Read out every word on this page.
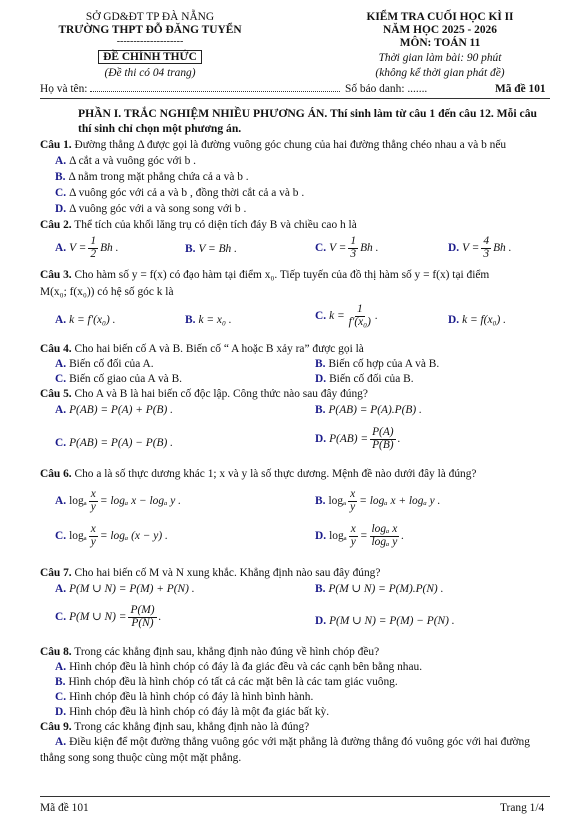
SỞ GD&ĐT TP ĐÀ NẴNG
TRƯỜNG THPT ĐỖ ĐĂNG TUYỂN
--------------------
ĐỀ CHÍNH THỨC
(Đề thi có 04 trang)
KIỂM TRA CUỐI HỌC KÌ II
NĂM HỌC 2025 - 2026
MÔN: TOÁN 11
Thời gian làm bài: 90 phút
(không kể thời gian phát đề)
Họ và tên:	Số báo danh: .......	Mã đề 101
PHẦN I. TRẮC NGHIỆM NHIỀU PHƯƠNG ÁN. Thí sinh làm từ câu 1 đến câu 12. Mỗi câu
thí sinh chỉ chọn một phương án.
Câu 1. Đường thẳng Δ được gọi là đường vuông góc chung của hai đường thẳng chéo nhau a và b nếu
A. Δ cắt a và vuông góc với b .
B. Δ nằm trong mặt phẳng chứa cả a và b .
C. Δ vuông góc với cả a và b , đồng thời cắt cả a và b .
D. Δ vuông góc với a và song song với b .
Câu 2. Thể tích của khối lăng trụ có diện tích đáy B và chiều cao h là
A. $V = \frac{1}{2}$ Bh .	B. V = Bh .	C. $V = \frac{1}{3}$ Bh .	D. $V = \frac{4}{3}$ Bh .
Câu 3. Cho hàm số y = f(x) có đạo hàm tại điểm x₀. Tiếp tuyến của đồ thị hàm số y = f(x) tại điểm
M(x₀; f(x₀)) có hệ số góc k là
A. k = f′(x₀) .	B. k = x₀ .	C. $k = \frac{1}{\text{f′(x₀)}}$ .	D. k = f(x₀) .
Câu 4. Cho hai biến cố A và B. Biến cố “ A hoặc B xảy ra” được gọi là
A. Biến cố đối của A.	B. Biến cố hợp của A và B.
C. Biến cố giao của A và B.	D. Biến cố đối của B.
Câu 5. Cho A và B là hai biến cố độc lập. Công thức nào sau đây đúng?
A. P(AB) = P(A) + P(B) .	B. P(AB) = P(A).P(B) .
C. P(AB) = P(A) − P(B) .	D. $P(AB) = \frac{P(A)}{P(B)}$ .
Câu 6. Cho a là số thực dương khác 1; x và y là số thực dương. Mệnh đề nào dưới đây là đúng?
A. logₐ $\frac{x}{y} = \log_a$ x − logₐ y .	B. logₐ $\frac{x}{y} = \log_a$ x + logₐ y .
C. logₐ $\frac{x}{y} = \log_a$ (x − y) .	D. logₐ $\frac{x}{y} = \frac{\text{logₐ x}}{\text{logₐ y}}$ .
Câu 7. Cho hai biến cố M và N xung khắc. Khẳng định nào sau đây đúng?
A. P(M ∪ N) = P(M) + P(N) .	B. P(M ∪ N) = P(M).P(N) .
C. P(M ∪ $N) = \frac{P(M)}{P(N)}$ .	D. P(M ∪ N) = P(M) − P(N) .
Câu 8. Trong các khẳng định sau, khẳng định nào đúng về hình chóp đều?
A. Hình chóp đều là hình chóp có đáy là đa giác đều và các cạnh bên bằng nhau.
B. Hình chóp đều là hình chóp có tất cả các mặt bên là các tam giác vuông.
C. Hình chóp đều là hình chóp có đáy là hình bình hành.
D. Hình chóp đều là hình chóp có đáy là một đa giác bất kỳ.
Câu 9. Trong các khẳng định sau, khẳng định nào là đúng?
A. Điều kiện để một đường thẳng vuông góc với mặt phẳng là đường thẳng đó vuông góc với hai đường
thẳng song song thuộc cùng một mặt phẳng.
Mã đề 101	Trang 1/4
